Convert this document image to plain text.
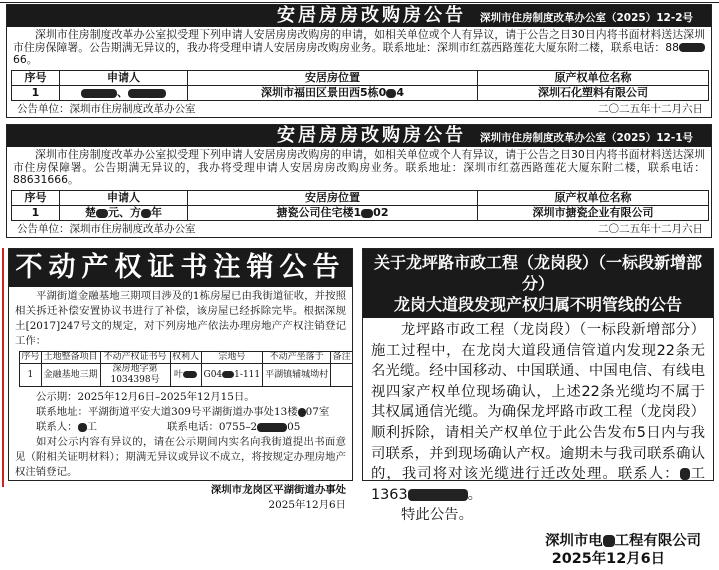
安居房房改购房公告 深圳市住房制度改革办公室（2025）12-2号
深圳市住房制度改革办公室拟受理下列申请人安居房房改购房的申请，如相关单位或个人有异议，请于公告之日30日内将书面材料送达深圳市住房保障署。公告期满无异议的，我办将受理申请人安居房房改购房业务。联系地址：深圳市红荔西路莲花大厦东附二楼，联系电话：8866。
序号	申请人	安居房位置	原产权单位名称
1	、	深圳市福田区景田西5栋0 4	深圳石化塑料有限公司
公告单位：深圳市住房制度改革办公室	二〇二五年十二月六日
安居房房改购房公告 深圳市住房制度改革办公室（2025）12-1号
深圳市住房制度改革办公室拟受理下列申请人安居房房改购房的申请，如相关单位或个人有异议，请于公告之日30日内将书面材料送达深圳市住房保障署。公告期满无异议的，我办将受理申请人安居房房改购房业务。联系地址：深圳市红荔西路莲花大厦东附二楼，联系电话：88631666。
序号	申请人	安居房位置	原产权单位名称
1	楚 元、方 年	搪瓷公司住宅楼1 02	深圳市搪瓷企业有限公司
公告单位：深圳市住房制度改革办公室	二〇二五年十二月六日
不动产权证书注销公告
平湖街道金融基地三期项目涉及的1栋房屋已由我街道征收，并按照相关拆迁补偿安置协议书进行了补偿，该房屋已经拆除完毕。根据深规土[2017]247号文的规定，对下列房地产依法办理房地产产权注销登记工作：
序号	土地整备项目	不动产权证书号	权利人	宗地号	不动产坐落于	备注
1	金融基地三期	深房地字第1034398号	叶	G04 1-111	平湖镇辅城坳村	
公示期：2025年12月6日–2025年12月15日。
联系地址：平湖街道平安大道309号平湖街道办事处13楼 07室
联系人： 工	联系电话：0755–2	05
如对公示内容有异议的，请在公示期间内实名向我街道提出书面意见（附相关证明材料）；期满无异议或异议不成立，将按规定办理房地产权注销登记。
深圳市龙岗区平湖街道办事处
2025年12月6日
关于龙坪路市政工程（龙岗段）（一标段新增部分）
龙岗大道段发现产权归属不明管线的公告
龙坪路市政工程（龙岗段）（一标段新增部分）施工过程中，在龙岗大道段通信管道内发现22条无名光缆。经中国移动、中国联通、中国电信、有线电视四家产权单位现场确认，上述22条光缆均不属于其权属通信光缆。为确保龙坪路市政工程（龙岗段）顺利拆除，请相关产权单位于此公告发布5日内与我司联系，并到现场确认产权。逾期未与我司联系确认的，我司将对该光缆进行迁改处理。联系人： 工1363	。
特此公告。
深圳市电 工程有限公司
2025年12月6日
